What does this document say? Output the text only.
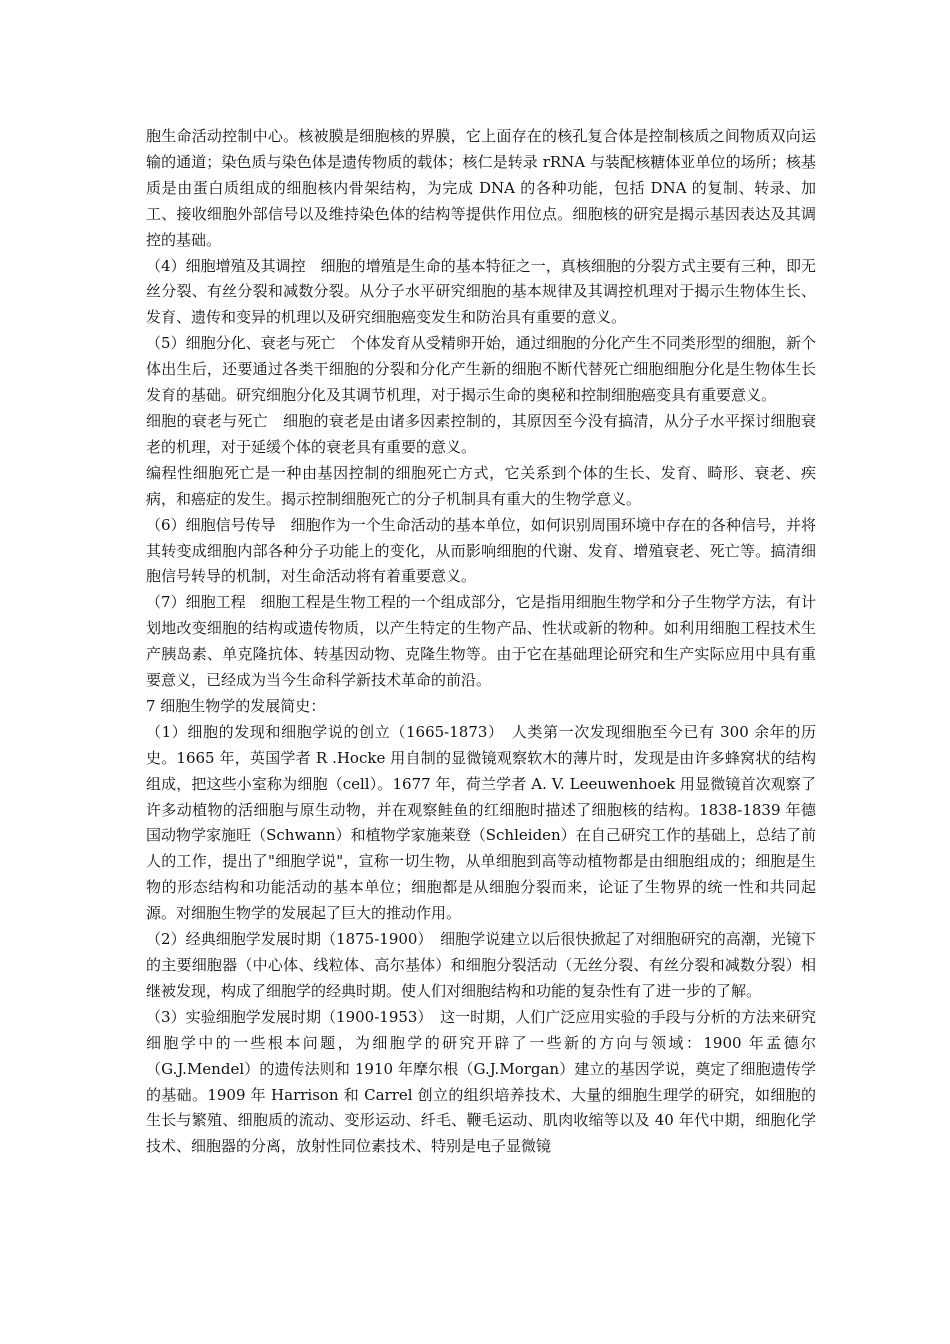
胞生命活动控制中心。核被膜是细胞核的界膜，它上面存在的核孔复合体是控制核质之间物质双向运输的通道；染色质与染色体是遗传物质的载体；核仁是转录 rRNA 与装配核糖体亚单位的场所；核基质是由蛋白质组成的细胞核内骨架结构，为完成 DNA 的各种功能，包括 DNA 的复制、转录、加工、接收细胞外部信号以及维持染色体的结构等提供作用位点。细胞核的研究是揭示基因表达及其调控的基础。

（4）细胞增殖及其调控　细胞的增殖是生命的基本特征之一，真核细胞的分裂方式主要有三种，即无丝分裂、有丝分裂和减数分裂。从分子水平研究细胞的基本规律及其调控机理对于揭示生物体生长、发育、遗传和变异的机理以及研究细胞癌变发生和防治具有重要的意义。

（5）细胞分化、衰老与死亡　个体发育从受精卵开始，通过细胞的分化产生不同类形型的细胞，新个体出生后，还要通过各类干细胞的分裂和分化产生新的细胞不断代替死亡细胞细胞分化是生物体生长发育的基础。研究细胞分化及其调节机理，对于揭示生命的奥秘和控制细胞癌变具有重要意义。

细胞的衰老与死亡　细胞的衰老是由诸多因素控制的，其原因至今没有搞清，从分子水平探讨细胞衰老的机理，对于延缓个体的衰老具有重要的意义。

编程性细胞死亡是一种由基因控制的细胞死亡方式，它关系到个体的生长、发育、畸形、衰老、疾病，和癌症的发生。揭示控制细胞死亡的分子机制具有重大的生物学意义。

（6）细胞信号传导　细胞作为一个生命活动的基本单位，如何识别周围环境中存在的各种信号，并将其转变成细胞内部各种分子功能上的变化，从而影响细胞的代谢、发育、增殖衰老、死亡等。搞清细胞信号转导的机制，对生命活动将有着重要意义。

（7）细胞工程　细胞工程是生物工程的一个组成部分，它是指用细胞生物学和分子生物学方法，有计划地改变细胞的结构或遗传物质，以产生特定的生物产品、性状或新的物种。如利用细胞工程技术生产胰岛素、单克隆抗体、转基因动物、克隆生物等。由于它在基础理论研究和生产实际应用中具有重要意义，已经成为当今生命科学新技术革命的前沿。

7 细胞生物学的发展简史：

（1）细胞的发现和细胞学说的创立（1665-1873）　人类第一次发现细胞至今已有 300 余年的历史。1665 年，英国学者 R .Hocke 用自制的显微镜观察软木的薄片时，发现是由许多蜂窝状的结构组成，把这些小室称为细胞（cell）。1677 年，荷兰学者 A. V. Leeuwenhoek 用显微镜首次观察了许多动植物的活细胞与原生动物，并在观察鲑鱼的红细胞时描述了细胞核的结构。1838-1839 年德国动物学家施旺（Schwann）和植物学家施莱登（Schleiden）在自己研究工作的基础上，总结了前人的工作，提出了"细胞学说"，宣称一切生物，从单细胞到高等动植物都是由细胞组成的；细胞是生物的形态结构和功能活动的基本单位；细胞都是从细胞分裂而来，论证了生物界的统一性和共同起源。对细胞生物学的发展起了巨大的推动作用。

（2）经典细胞学发展时期（1875-1900）　细胞学说建立以后很快掀起了对细胞研究的高潮，光镜下的主要细胞器（中心体、线粒体、高尔基体）和细胞分裂活动（无丝分裂、有丝分裂和减数分裂）相继被发现，构成了细胞学的经典时期。使人们对细胞结构和功能的复杂性有了进一步的了解。

（3）实验细胞学发展时期（1900-1953）　这一时期，人们广泛应用实验的手段与分析的方法来研究细胞学中的一些根本问题，为细胞学的研究开辟了一些新的方向与领域：1900 年孟德尔（G.J.Mendel）的遗传法则和 1910 年摩尔根（G.J.Morgan）建立的基因学说，奠定了细胞遗传学的基础。1909 年 Harrison 和 Carrel 创立的组织培养技术、大量的细胞生理学的研究，如细胞的生长与繁殖、细胞质的流动、变形运动、纤毛、鞭毛运动、肌肉收缩等以及 40 年代中期，细胞化学技术、细胞器的分离，放射性同位素技术、特别是电子显微镜
